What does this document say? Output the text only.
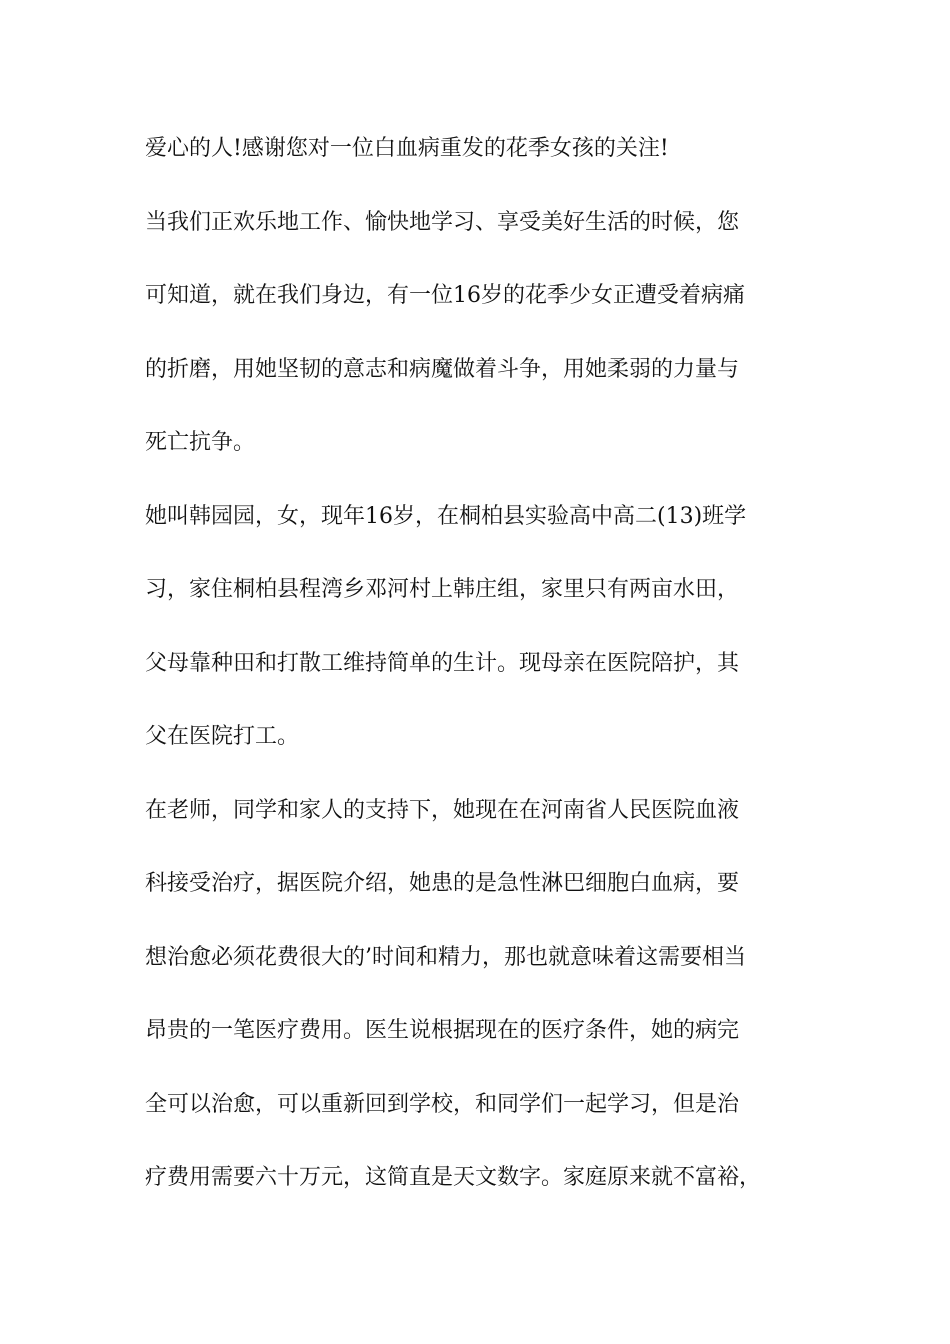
爱心的人!感谢您对一位白血病重发的花季女孩的关注!
当我们正欢乐地工作、愉快地学习、享受美好生活的时候，您
可知道，就在我们身边，有一位16岁的花季少女正遭受着病痛
的折磨，用她坚韧的意志和病魔做着斗争，用她柔弱的力量与
死亡抗争。
她叫韩园园，女，现年16岁，在桐柏县实验高中高二(13)班学
习，家住桐柏县程湾乡邓河村上韩庄组，家里只有两亩水田，
父母靠种田和打散工维持简单的生计。现母亲在医院陪护，其
父在医院打工。
在老师，同学和家人的支持下，她现在在河南省人民医院血液
科接受治疗，据医院介绍，她患的是急性淋巴细胞白血病，要
想治愈必须花费很大的’时间和精力，那也就意味着这需要相当
昂贵的一笔医疗费用。医生说根据现在的医疗条件，她的病完
全可以治愈，可以重新回到学校，和同学们一起学习，但是治
疗费用需要六十万元，这简直是天文数字。家庭原来就不富裕，
